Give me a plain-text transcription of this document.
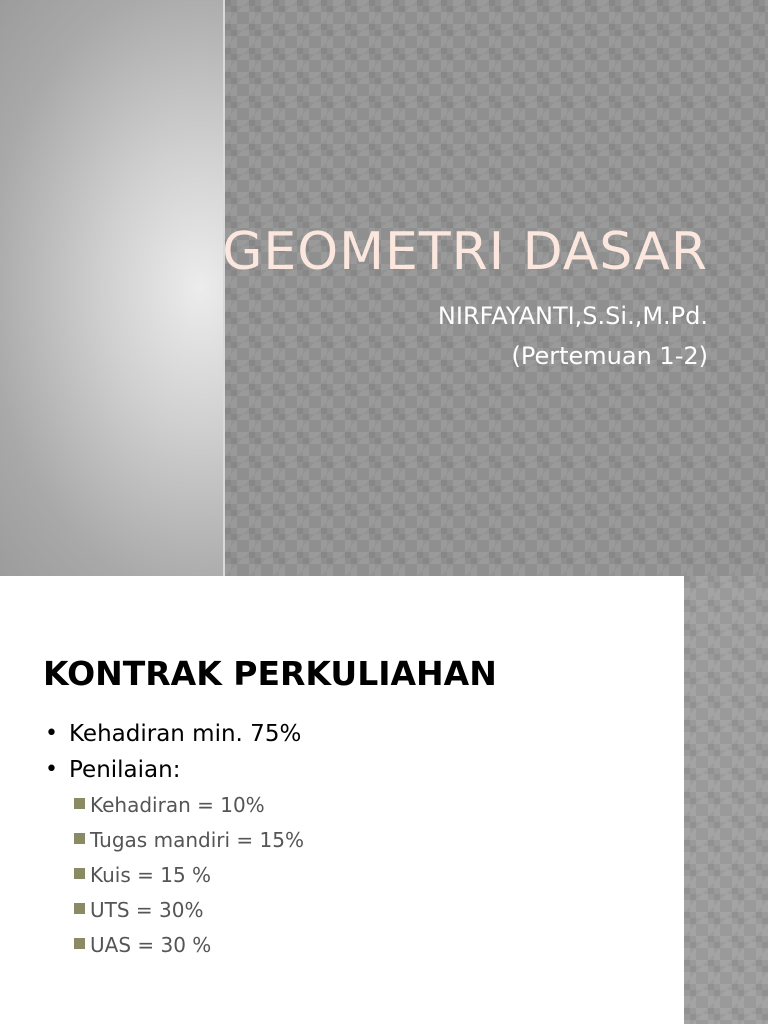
GEOMETRI DASAR
NIRFAYANTI,S.Si.,M.Pd.
(Pertemuan 1-2)
KONTRAK PERKULIAHAN
• Kehadiran min. 75%
• Penilaian:
Kehadiran = 10%
Tugas mandiri = 15%
Kuis = 15 %
UTS = 30%
UAS = 30 %
